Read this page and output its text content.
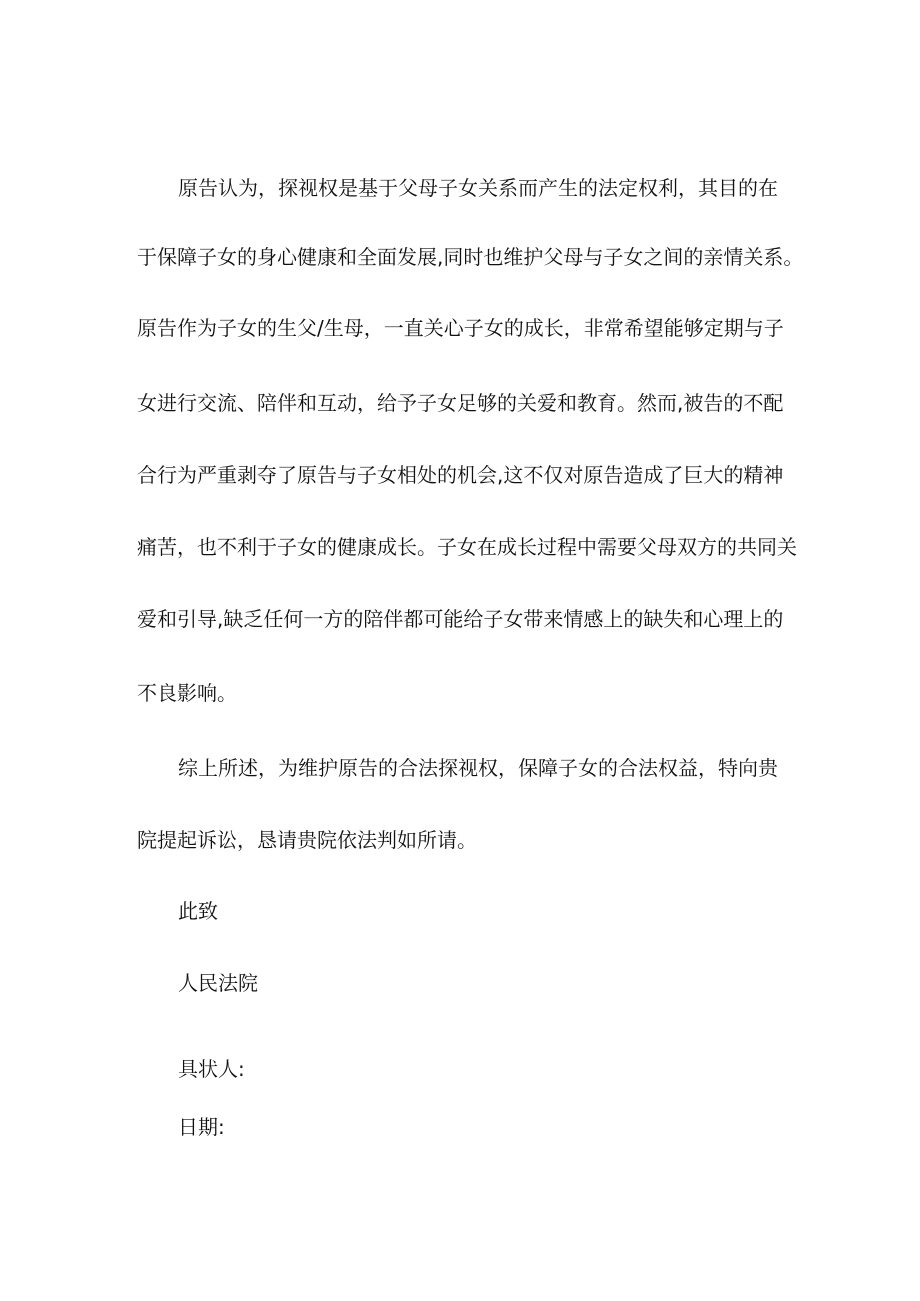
原告认为，探视权是基于父母子女关系而产生的法定权利，其目的在
于保障子女的身心健康和全面发展,同时也维护父母与子女之间的亲情关系。
原告作为子女的生父/生母，一直关心子女的成长，非常希望能够定期与子
女进行交流、陪伴和互动，给予子女足够的关爱和教育。然而,被告的不配
合行为严重剥夺了原告与子女相处的机会,这不仅对原告造成了巨大的精神
痛苦，也不利于子女的健康成长。子女在成长过程中需要父母双方的共同关
爱和引导,缺乏任何一方的陪伴都可能给子女带来情感上的缺失和心理上的
不良影响。
综上所述，为维护原告的合法探视权，保障子女的合法权益，特向贵
院提起诉讼，恳请贵院依法判如所请。
此致
人民法院
具状人:
日期:
